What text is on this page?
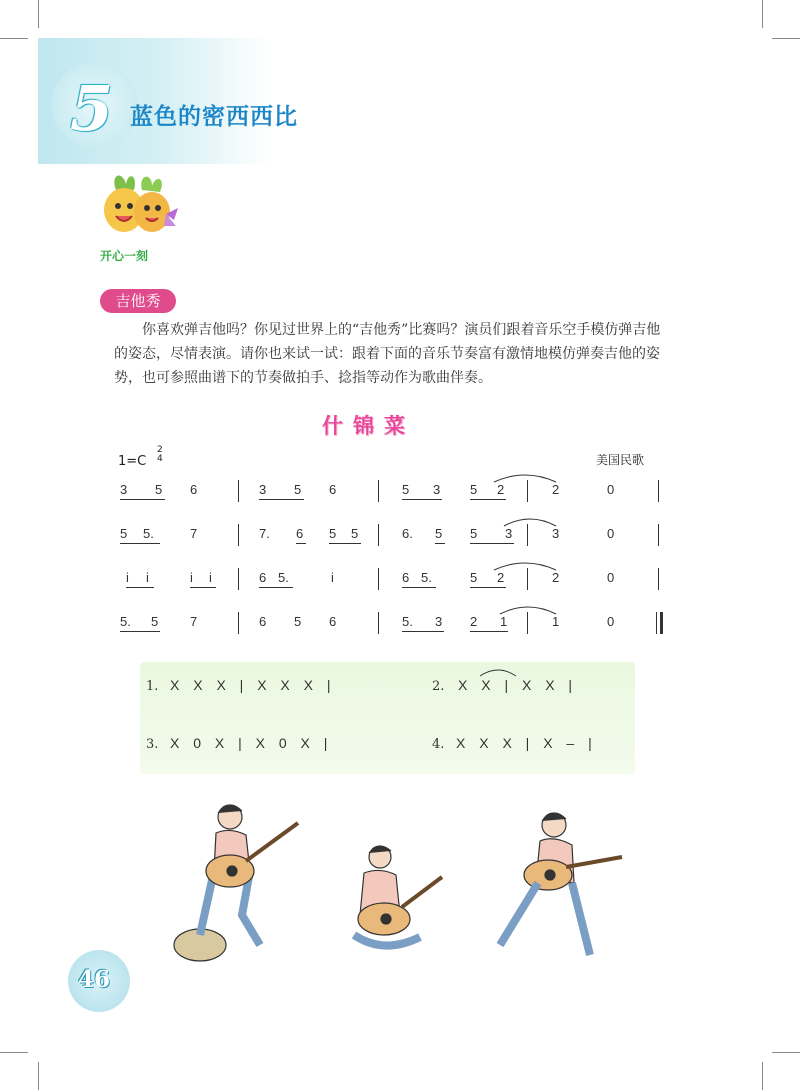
5 蓝色的密西西比
开心一刻
吉他秀

你喜欢弹吉他吗？你见过世界上的“吉他秀”比赛吗？演员们跟着音乐空手模仿弹吉他的姿态，尽情表演。请你也来试一试：跟着下面的音乐节奏富有激情地模仿弹奏吉他的姿势，也可参照曲谱下的节奏做拍手、捻指等动作为歌曲伴奏。

什锦菜
1=C
2
4	美国民歌
3 5 6	3 5 6	5 3 5 2	2	0
5 5.	7	7. 6 5 5	6. 5 5 3	3	0
i i	i i	6 5.	i	6 5.	5 2	2	0
5. 5 7	6 5 6	5. 3 2 1	1	0
1. X X X | X X X |	2. X X | X X |
3. X 0 X | X 0 X |	4. X X X | X – |
46
